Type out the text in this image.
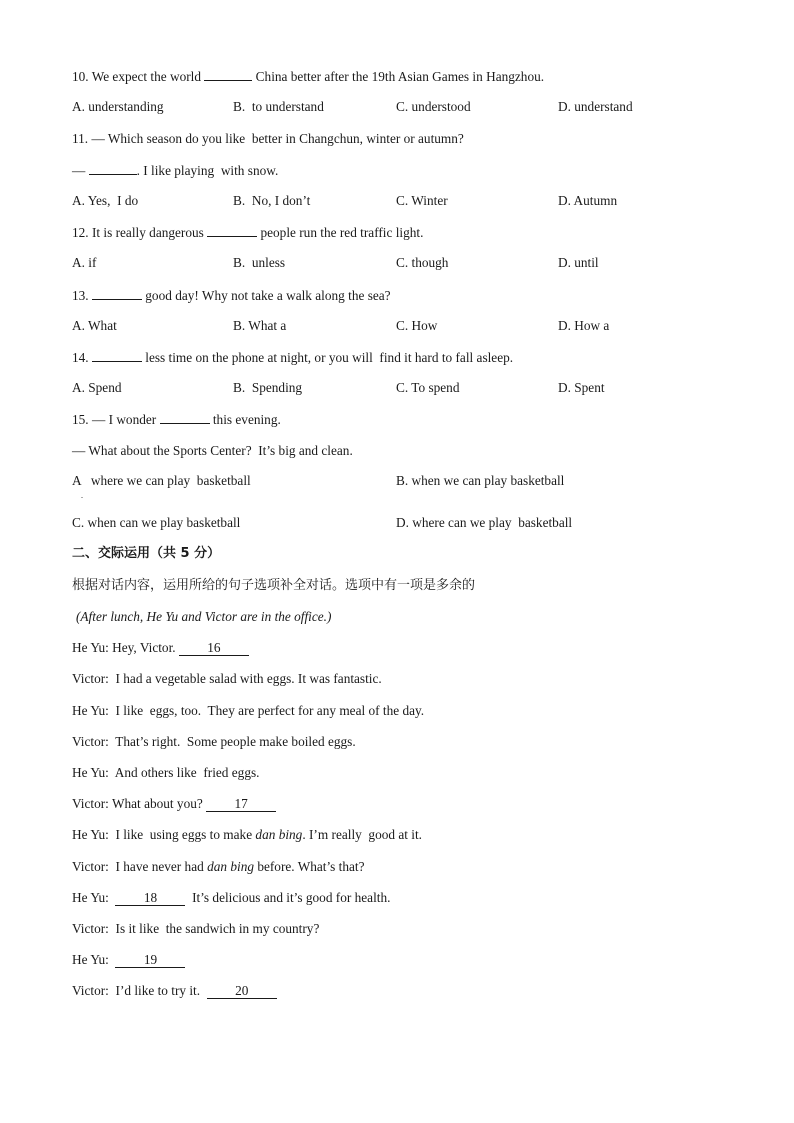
10. We expect the world	China better after the 19th Asian Games in Hangzhou.
A. understanding	B.  to understand	C. understood	D. understand
11. — Which season do you like  better in Changchun, winter or autumn?
—	. I like playing  with snow.
A. Yes,  I do	B.  No, I don’t	C. Winter	D. Autumn
12. It is really dangerous	people run the red traffic light.
A. if	B.  unless	C. though	D. until
13.	good day! Why not take a walk along the sea?
A. What	B. What a	C. How	D. How a
14.	less time on the phone at night, or you will  find it hard to fall asleep.
A. Spend	B.  Spending	C. To spend	D. Spent
15. — I wonder	this evening.
— What about the Sports Center?  It’s big and clean.
A   where we can play  basketball
.
B. when we can play basketball
C. when can we play basketball	D. where can we play  basketball
二、交际运用（共 5 分）
根据对话内容，运用所给的句子选项补全对话。选项中有一项是多余的
(After lunch, He Yu and Victor are in the office.)
He Yu: Hey, Victor. 16
Victor:  I had a vegetable salad with eggs. It was fantastic.
He Yu:  I like  eggs, too.  They are perfect for any meal of the day.
Victor:  That’s right.  Some people make boiled eggs.
He Yu:  And others like  fried eggs.
Victor: What about you? 17
He Yu:  I like  using eggs to make dan bing. I’m really  good at it.
Victor:  I have never had dan bing before. What’s that?
He Yu:  18  It’s delicious and it’s good for health.
Victor:  Is it like  the sandwich in my country?
He Yu:  19
Victor:  I’d like to try it.  20
